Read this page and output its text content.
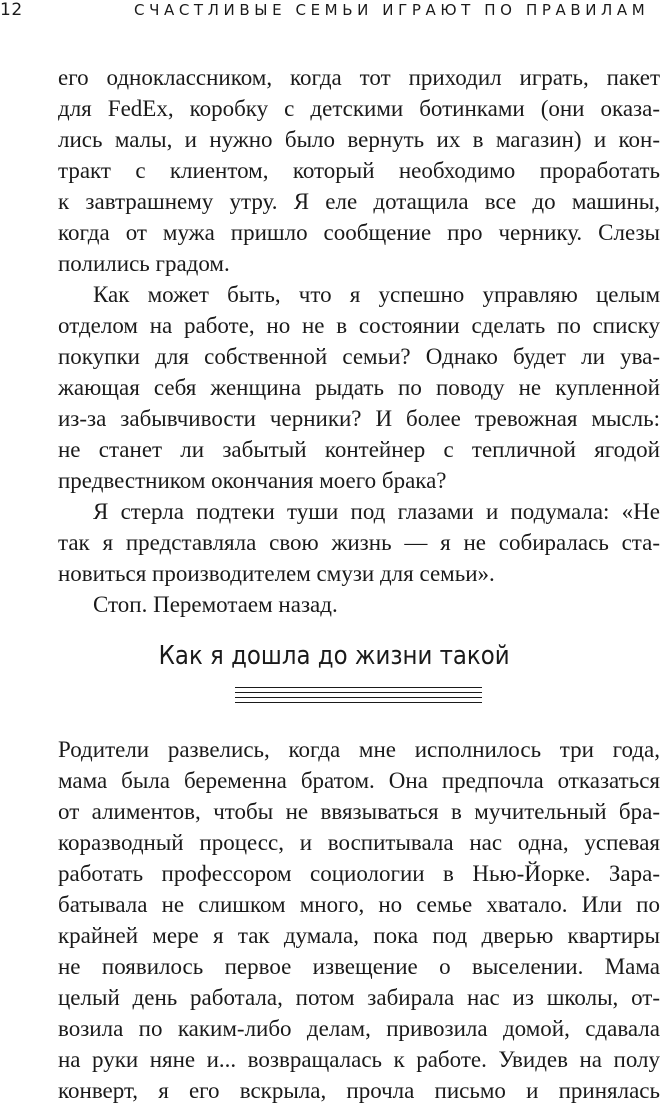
12	СЧАСТЛИВЫЕ СЕМЬИ ИГРАЮТ ПО ПРАВИЛАМ
его одноклассником, когда тот приходил играть, пакет
для FedEx, коробку с детскими ботинками (они оказа-
лись малы, и нужно было вернуть их в магазин) и кон-
тракт с клиентом, который необходимо проработать
к завтрашнему утру. Я еле дотащила все до машины,
когда от мужа пришло сообщение про чернику. Слезы
полились градом.
Как может быть, что я успешно управляю целым
отделом на работе, но не в состоянии сделать по списку
покупки для собственной семьи? Однако будет ли ува-
жающая себя женщина рыдать по поводу не купленной
из-за забывчивости черники? И более тревожная мысль:
не станет ли забытый контейнер с тепличной ягодой
предвестником окончания моего брака?
Я стерла подтеки туши под глазами и подумала: «Не
так я представляла свою жизнь — я не собиралась ста-
новиться производителем смузи для семьи».
Стоп. Перемотаем назад.
Как я дошла до жизни такой
Родители развелись, когда мне исполнилось три года,
мама была беременна братом. Она предпочла отказаться
от алиментов, чтобы не ввязываться в мучительный бра-
коразводный процесс, и воспитывала нас одна, успевая
работать профессором социологии в Нью-Йорке. Зара-
батывала не слишком много, но семье хватало. Или по
крайней мере я так думала, пока под дверью квартиры
не появилось первое извещение о выселении. Мама
целый день работала, потом забирала нас из школы, от-
возила по каким-либо делам, привозила домой, сдавала
на руки няне и... возвращалась к работе. Увидев на полу
конверт, я его вскрыла, прочла письмо и принялась
